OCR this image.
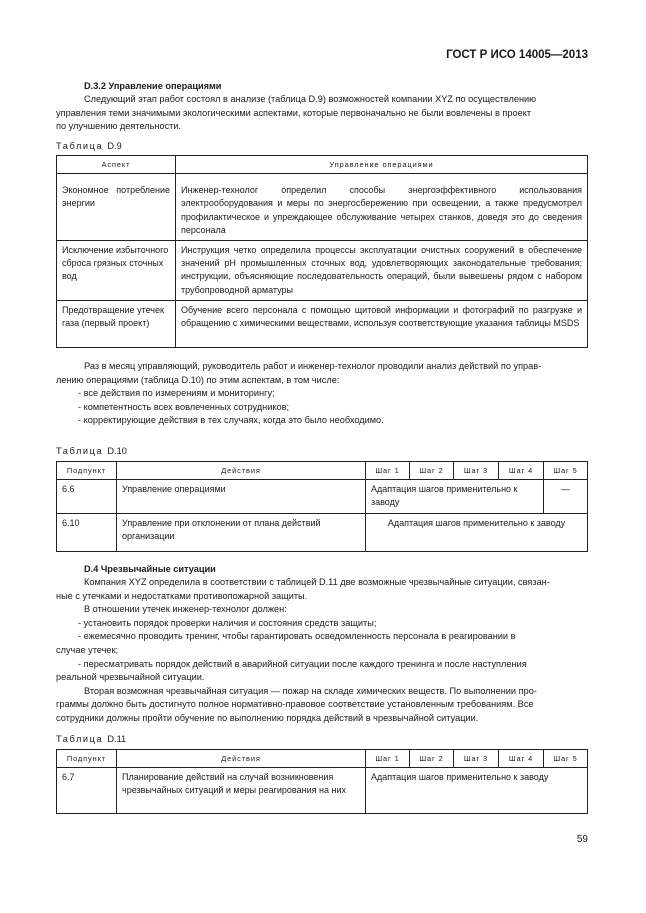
ГОСТ Р ИСО 14005—2013
D.3.2 Управление операциями
Следующий этап работ состоял в анализе (таблица D.9) возможностей компании XYZ по осуществлению
управления теми значимыми экологическими аспектами, которые первоначально не были вовлечены в проект
по улучшению деятельности.
Таблица D.9
Аспект	Управление операциями
Экономное потребление энергии	Инженер-технолог определил способы энергоэффективного использования электрооборудования и меры по энергосбережению при освещении, а также предусмотрел профилактическое и упреждающее обслуживание четырех станков, доведя это до сведения персонала
Исключение избыточного сброса грязных сточных вод	Инструкция четко определила процессы эксплуатации очистных сооружений в обеспечение значений pH промышленных сточных вод, удовлетворяющих законодательные требования; инструкции, объясняющие последовательность операций, были вывешены рядом с набором трубопроводной арматуры
Предотвращение утечек газа (первый проект)	Обучение всего персонала с помощью щитовой информации и фотографий по разгрузке и обращению с химическими веществами, используя соответствующие указания таблицы MSDS
Раз в месяц управляющий, руководитель работ и инженер-технолог проводили анализ действий по управ-
лению операциями (таблица D.10) по этим аспектам, в том числе:
- все действия по измерениям и мониторингу;
- компетентность всех вовлеченных сотрудников;
- корректирующие действия в тех случаях, когда это было необходимо.
Таблица D.10
Подпункт	Действия	Шаг 1	Шаг 2	Шаг 3	Шаг 4	Шаг 5
6.6	Управление операциями	Адаптация шагов применительно к заводу				—
6.10	Управление при отклонении от плана действий организации	Адаптация шагов применительно к заводу				
D.4 Чрезвычайные ситуации
Компания XYZ определила в соответствии с таблицей D.11 две возможные чрезвычайные ситуации, связан-
ные с утечками и недостатками противопожарной защиты.
В отношении утечек инженер-технолог должен:
- установить порядок проверки наличия и состояния средств защиты;
- ежемесячно проводить тренинг, чтобы гарантировать осведомленность персонала в реагировании в
случае утечек;
- пересматривать порядок действий в аварийной ситуации после каждого тренинга и после наступления
реальной чрезвычайной ситуации.
Вторая возможная чрезвычайная ситуация — пожар на складе химических веществ. По выполнении про-
граммы должно быть достигнуто полное нормативно-правовое соответствие установленным требованиям. Все
сотрудники должны пройти обучение по выполнению порядка действий в чрезвычайной ситуации.
Таблица D.11
Подпункт	Действия	Шаг 1	Шаг 2	Шаг 3	Шаг 4	Шаг 5
6.7	Планирование действий на случай возникновения чрезвычайных ситуаций и меры реагирования на них	Адаптация шагов применительно к заводу				
59
